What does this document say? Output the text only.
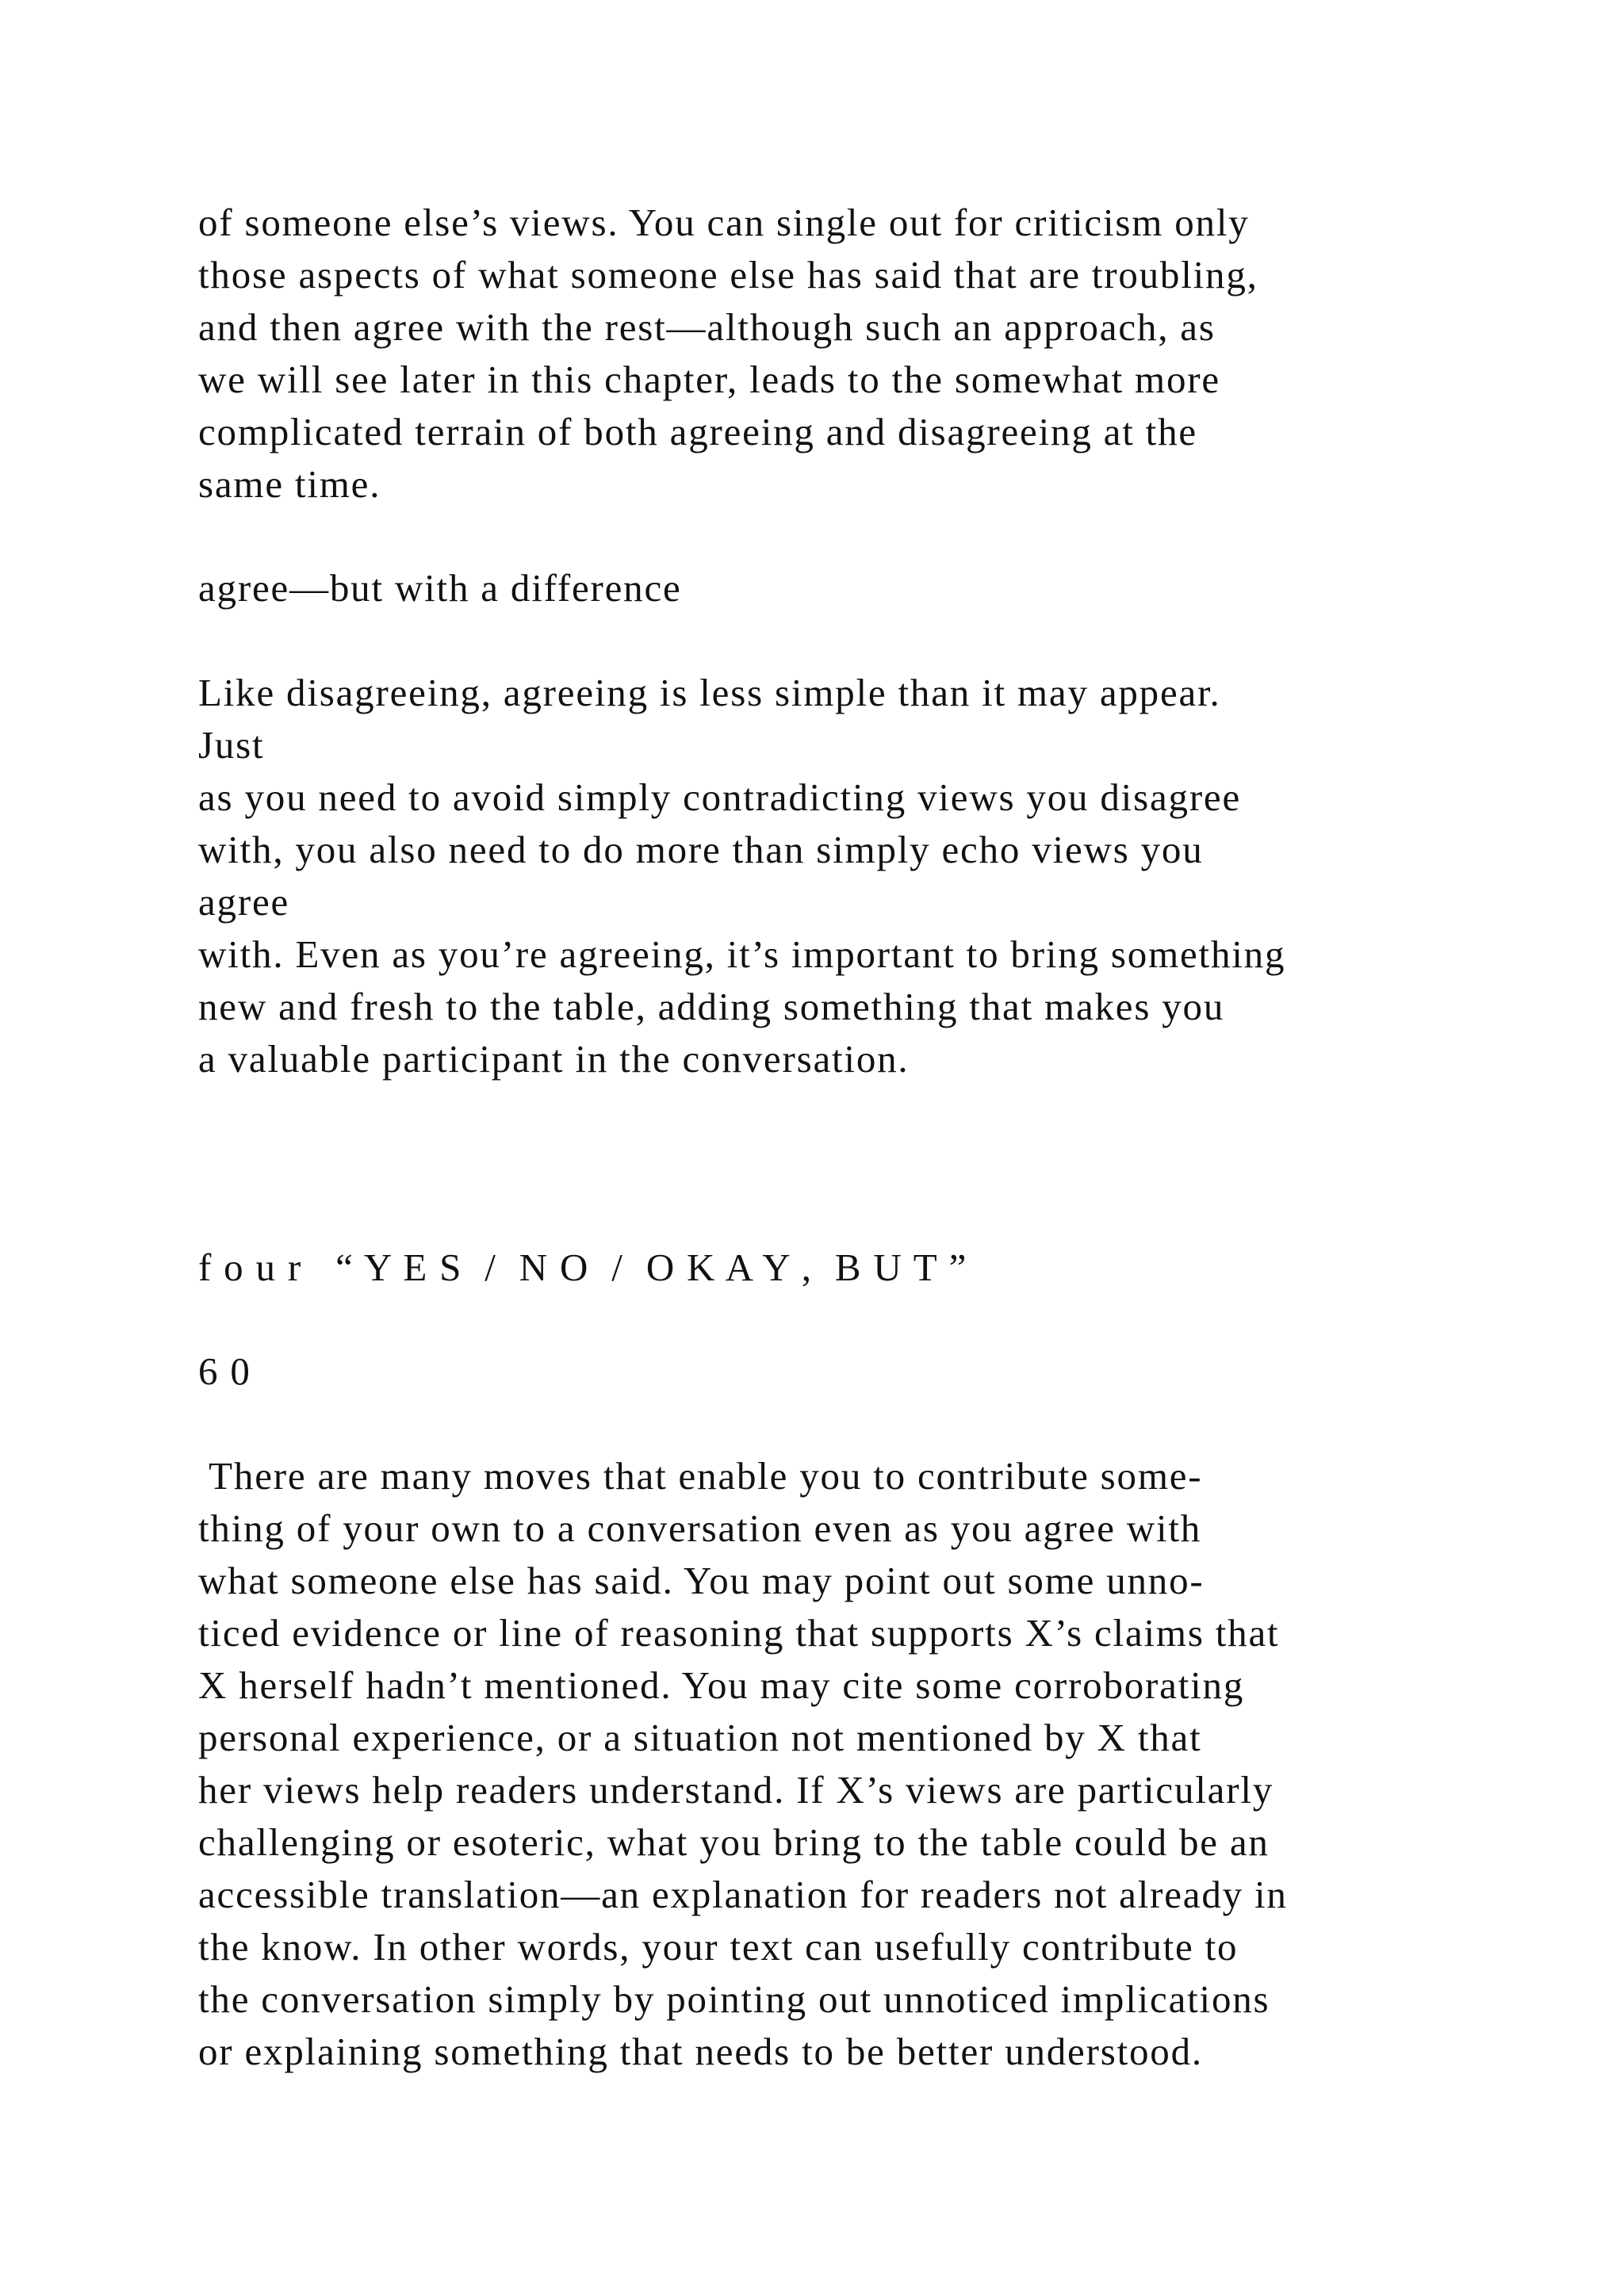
of someone else’s views. You can single out for criticism only
those aspects of what someone else has said that are troubling,
and then agree with the rest—although such an approach, as
we will see later in this chapter, leads to the somewhat more
complicated terrain of both agreeing and disagreeing at the
same time.
agree—but with a difference
Like disagreeing, agreeing is less simple than it may appear.
Just
as you need to avoid simply contradicting views you disagree
with, you also need to do more than simply echo views you
agree
with. Even as you’re agreeing, it’s important to bring something
new and fresh to the table, adding something that makes you
a valuable participant in the conversation.
f o u r   “ Y E S  /  N O  /  O K A Y ,  B U T ”
6 0
There are many moves that enable you to contribute some-
thing of your own to a conversation even as you agree with
what someone else has said. You may point out some unno-
ticed evidence or line of reasoning that supports X’s claims that
X herself hadn’t mentioned. You may cite some corroborating
personal experience, or a situation not mentioned by X that
her views help readers understand. If X’s views are particularly
challenging or esoteric, what you bring to the table could be an
accessible translation—an explanation for readers not already in
the know. In other words, your text can usefully contribute to
the conversation simply by pointing out unnoticed implications
or explaining something that needs to be better understood.
